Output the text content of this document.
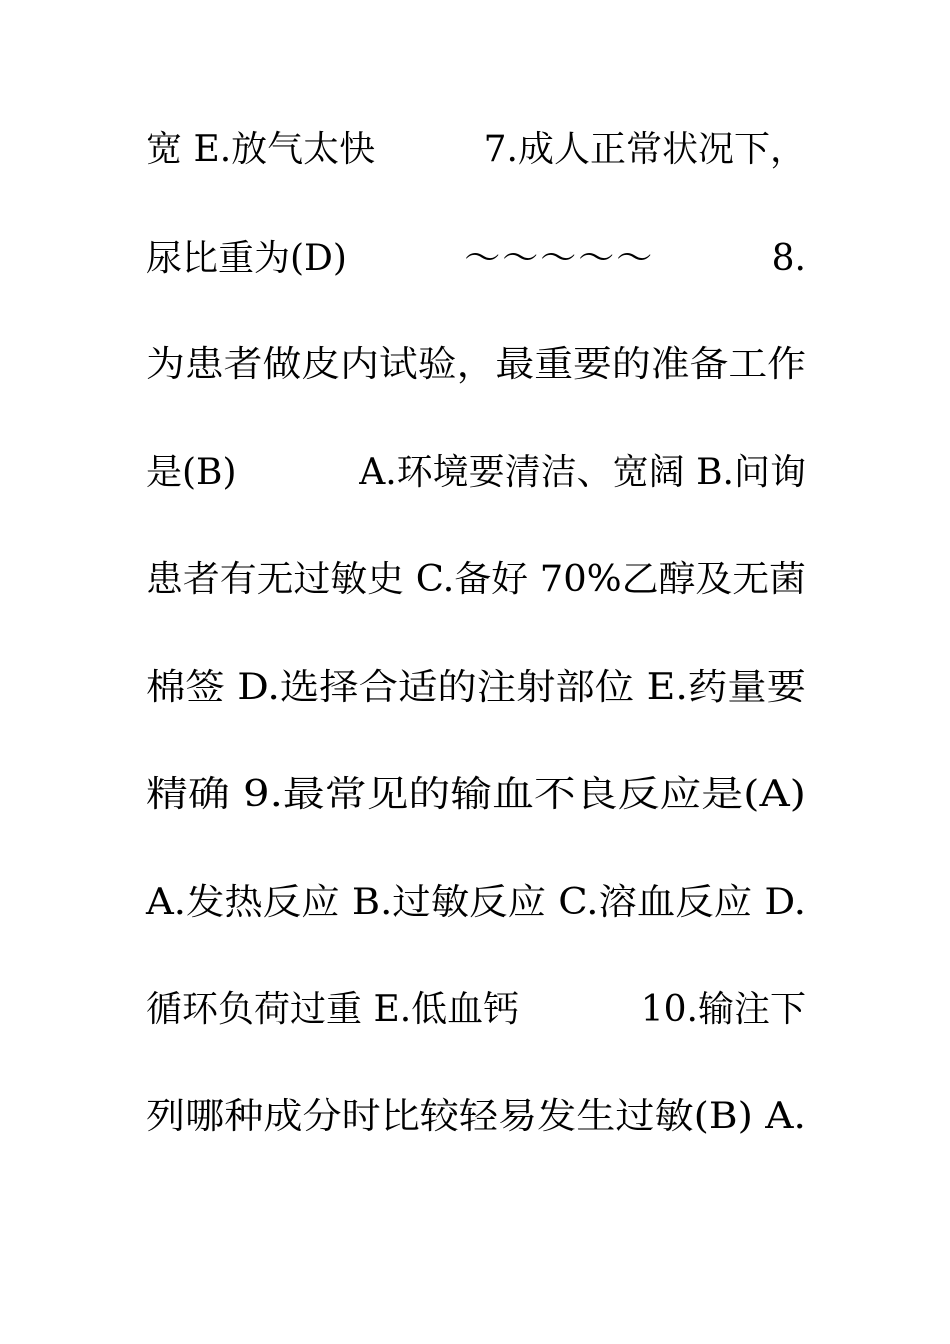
宽 E.放气太快	7.成人正常状况下，
尿比重为(D)	～～～～～	8.
为患者做皮内试验，最重要的准备工作
是(B)	A.环境要清洁、宽阔 B.问询
患者有无过敏史 C.备好 70%乙醇及无菌
棉签 D.选择合适的注射部位 E.药量要
精确 9.最常见的输血不良反应是(A)
A.发热反应 B.过敏反应 C.溶血反应 D.
循环负荷过重 E.低血钙	10.输注下
列哪种成分时比较轻易发生过敏(B) A.
